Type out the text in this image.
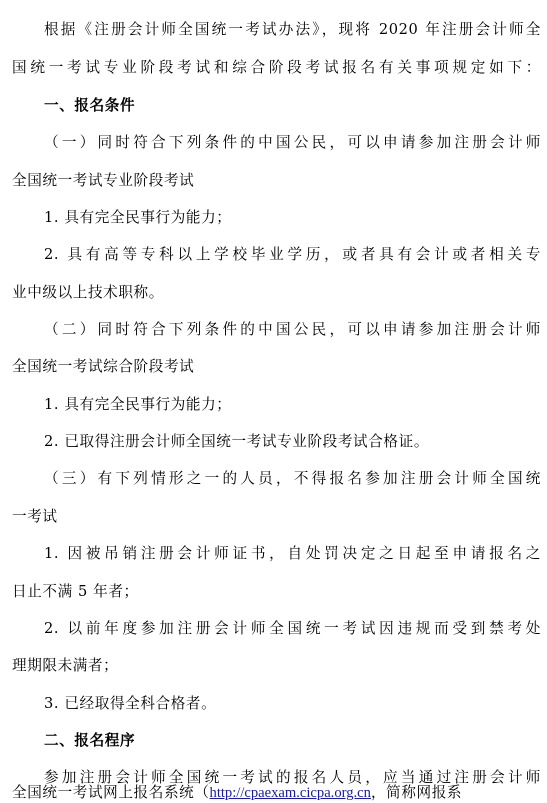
根据《注册会计师全国统一考试办法》，现将 2020 年注册会计师全
国统一考试专业阶段考试和综合阶段考试报名有关事项规定如下：
一、报名条件
（一）同时符合下列条件的中国公民，可以申请参加注册会计师
全国统一考试专业阶段考试
1. 具有完全民事行为能力；
2. 具有高等专科以上学校毕业学历，或者具有会计或者相关专
业中级以上技术职称。
（二）同时符合下列条件的中国公民，可以申请参加注册会计师
全国统一考试综合阶段考试
1. 具有完全民事行为能力；
2. 已取得注册会计师全国统一考试专业阶段考试合格证。
（三）有下列情形之一的人员，不得报名参加注册会计师全国统
一考试
1. 因被吊销注册会计师证书，自处罚决定之日起至申请报名之
日止不满 5 年者；
2. 以前年度参加注册会计师全国统一考试因违规而受到禁考处
理期限未满者；
3. 已经取得全科合格者。
二、报名程序
参加注册会计师全国统一考试的报名人员，应当通过注册会计师
全国统一考试网上报名系统（http://cpaexam.cicpa.org.cn，简称网报系
